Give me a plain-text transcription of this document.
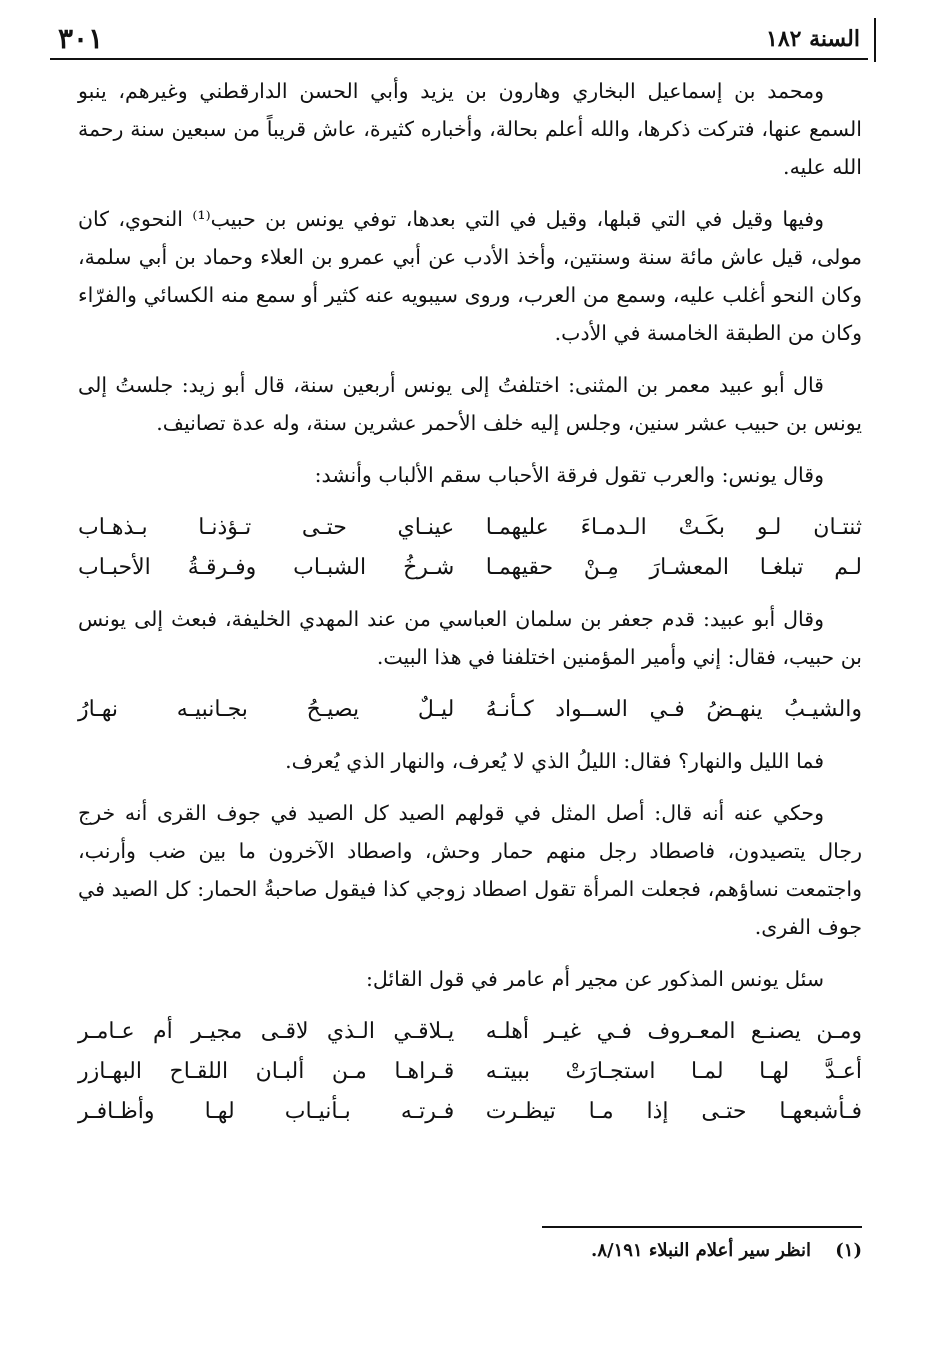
السنة ١٨٢
٣٠١

ومحمد بن إسماعيل البخاري وهارون بن يزيد وأبي الحسن الدارقطني وغيرهم، ينبو السمع عنها، فتركت ذكرها، والله أعلم بحالة، وأخباره كثيرة، عاش قريباً من سبعين سنة رحمة الله عليه.

وفيها وقيل في التي قبلها، وقيل في التي بعدها، توفي يونس بن حبيب⁽¹⁾ النحوي، كان مولى، قيل عاش مائة سنة وسنتين، وأخذ الأدب عن أبي عمرو بن العلاء وحماد بن أبي سلمة، وكان النحو أغلب عليه، وسمع من العرب، وروى سيبويه عنه كثير أو سمع منه الكسائي والفرّاء وكان من الطبقة الخامسة في الأدب.

قال أبو عبيد معمر بن المثنى: اختلفتُ إلى يونس أربعين سنة، قال أبو زيد: جلستُ إلى يونس بن حبيب عشر سنين، وجلس إليه خلف الأحمر عشرين سنة، وله عدة تصانيف.

وقال يونس: والعرب تقول فرقة الأحباب سقم الألباب وأنشد:

ثنتـان لـو بكَـتْ الـدمـاءَ عليهمـا
عينـاي حتـى تـؤذنـا بـذهـاب
لـم تبلغـا المعشـارَ مِـنْ حقيهمـا
شـرخُ الشبـاب وفـرقـةُ الأحبـاب

وقال أبو عبيد: قدم جعفر بن سلمان العباسي من عند المهدي الخليفة، فبعث إلى يونس بن حبيب، فقال: إني وأمير المؤمنين اختلفنا في هذا البيت.

والشيـبُ ينهـضُ فـي الســواد كـأنـهُ
ليـلٌ يصيـحُ بجـانبيـه نهـارُ

فما الليل والنهار؟ فقال: الليلُ الذي لا يُعرف، والنهار الذي يُعرف.

وحكي عنه أنه قال: أصل المثل في قولهم الصيد كل الصيد في جوف القرى أنه خرج رجال يتصيدون، فاصطاد رجل منهم حمار وحش، واصطاد الآخرون ما بين ضب وأرنب، واجتمعت نساؤهم، فجعلت المرأة تقول اصطاد زوجي كذا فيقول صاحبةُ الحمار: كل الصيد في جوف الفرى.

سئل يونس المذكور عن مجير أم عامر في قول القائل:

ومـن يصنـع المعـروف فـي غيـر أهلـه
يـلاقـي الـذي لاقـى مجيـر أم عـامـر
أعـدَّ لهـا لمـا استجـارَتْ ببيتـه
قـراهـا مـن ألبـان اللقـاح البهـازر
فـأشبعهـا حتـى إذا مـا تيظـرت
فـرتـه بـأنيـاب لهـا وأظـافـر
(١) انظر سير أعلام النبلاء ٨/١٩١.
